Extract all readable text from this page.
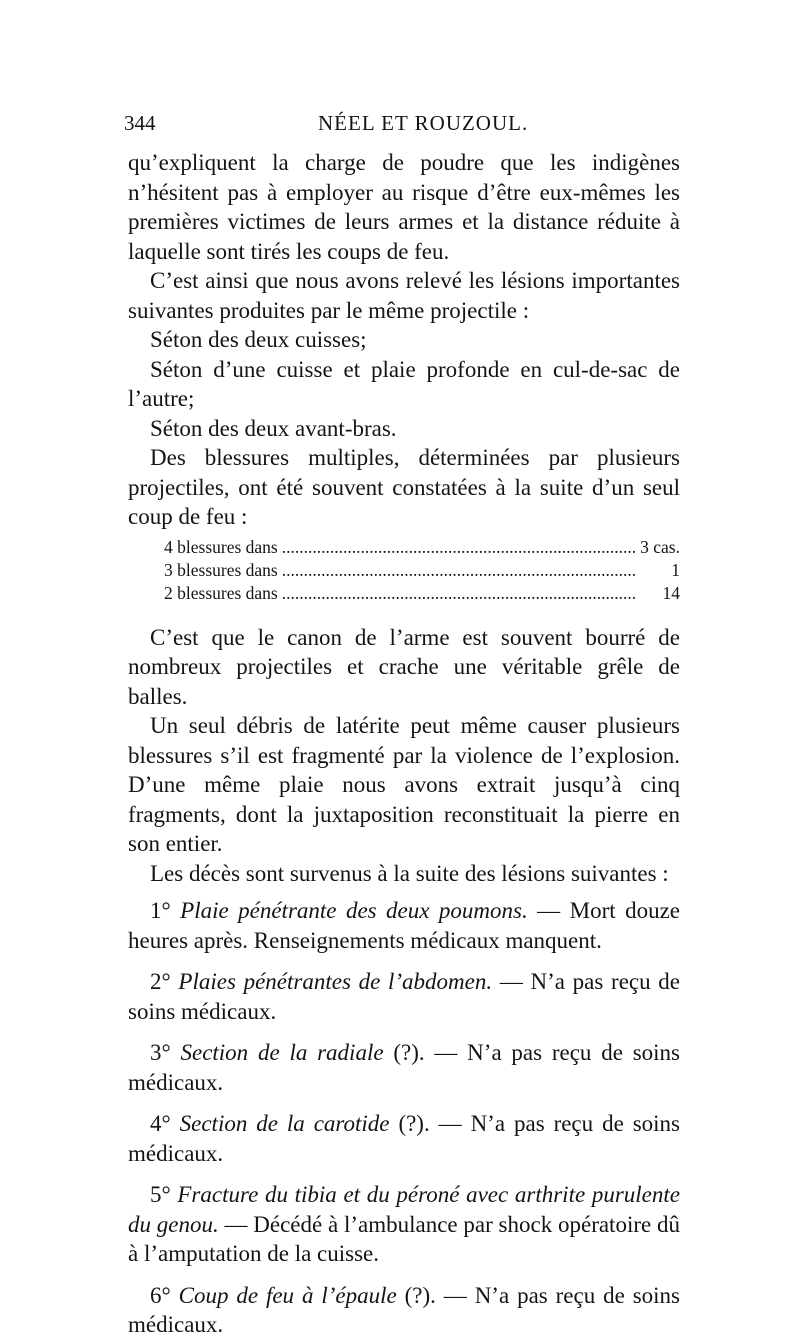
344	NÉEL ET ROUZOUL.

qu’expliquent la charge de poudre que les indigènes n’hésitent pas à employer au risque d’être eux-mêmes les premières victimes de leurs armes et la distance réduite à laquelle sont tirés les coups de feu.

C’est ainsi que nous avons relevé les lésions importantes suivantes produites par le même projectile :

Séton des deux cuisses;

Séton d’une cuisse et plaie profonde en cul-de-sac de l’autre;

Séton des deux avant-bras.

Des blessures multiples, déterminées par plusieurs projectiles, ont été souvent constatées à la suite d’un seul coup de feu :

4 blessures dans .....	3 cas.
3 blessures dans .....	1
2 blessures dans .....	14

C’est que le canon de l’arme est souvent bourré de nombreux projectiles et crache une véritable grêle de balles.

Un seul débris de latérite peut même causer plusieurs blessures s’il est fragmenté par la violence de l’explosion. D’une même plaie nous avons extrait jusqu’à cinq fragments, dont la juxtaposition reconstituait la pierre en son entier.

Les décès sont survenus à la suite des lésions suivantes :

1° Plaie pénétrante des deux poumons. — Mort douze heures après. Renseignements médicaux manquent.

2° Plaies pénétrantes de l’abdomen. — N’a pas reçu de soins médicaux.

3° Section de la radiale (?). — N’a pas reçu de soins médicaux.

4° Section de la carotide (?). — N’a pas reçu de soins médicaux.

5° Fracture du tibia et du péroné avec arthrite purulente du genou. — Décédé à l’ambulance par shock opératoire dû à l’amputation de la cuisse.

6° Coup de feu à l’épaule (?). — N’a pas reçu de soins médicaux.
